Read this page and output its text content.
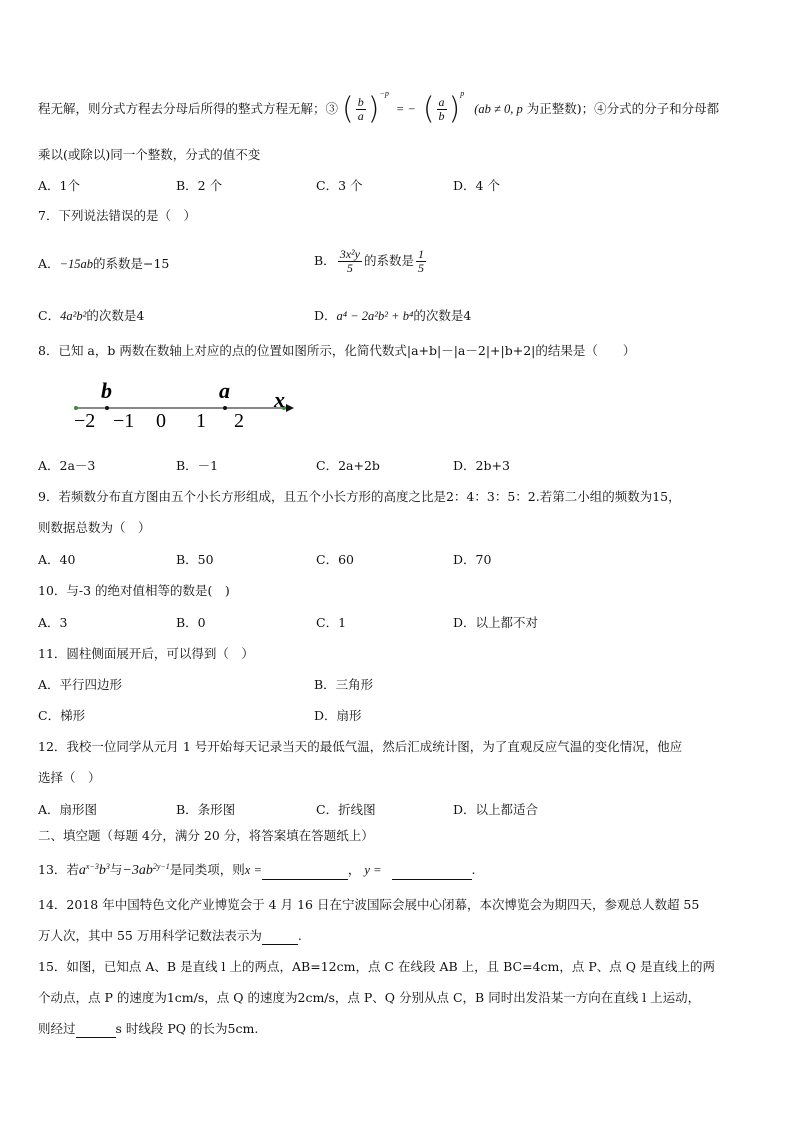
程无解，则分式方程去分母后所得的整式方程无解；③ ( $\frac{b}{a} )^{-p}$ = − ( $\frac{a}{b} )^p$ (ab ≠ 0, p 为正整数)；④分式的分子和分母都
乘以(或除以)同一个整数，分式的值不变
A．1个	B．2 个	C．3 个	D．4 个
7．下列说法错误的是（　）
A．−15ab的系数是−15	B． $\frac{\text{3x²y}}{5}$ 的系数是 $\frac{1}{5}$
C．4a²b²的次数是4	D．a⁴ − 2a²b² + b⁴的次数是4
8．已知 a，b 两数在数轴上对应的点的位置如图所示，化简代数式|a+b|－|a－2|+|b+2|的结果是（　　）
b	a x
−2 −1 0 1 2
A．2a－3	B．－1	C．2a+2b	D．2b+3
9．若频数分布直方图由五个小长方形组成，且五个小长方形的高度之比是2：4：3：5：2.若第二小组的频数为15，
则数据总数为（　）
A．40	B．50	C．60	D．70
10．与-3 的绝对值相等的数是(　)
A．3	B．0	C．1	D．以上都不对
11．圆柱侧面展开后，可以得到（　）
A．平行四边形	B．三角形
C．梯形	D．扇形
12．我校一位同学从元月 1 号开始每天记录当天的最低气温，然后汇成统计图，为了直观反应气温的变化情况，他应
选择（　）
A．扇形图	B．条形图	C．折线图	D．以上都适合
二、填空题（每题 4分，满分 20 分，将答案填在答题纸上）
13．若$a^{x-3}b^3$与$-3ab^{2y-1}$是同类项，则x =	， y =	.
14．2018 年中国特色文化产业博览会于 4 月 16 日在宁波国际会展中心闭幕，本次博览会为期四天，参观总人数超 55
万人次，其中 55 万用科学记数法表示为	.
15．如图，已知点 A、B 是直线 l 上的两点，AB=12cm，点 C 在线段 AB 上，且 BC=4cm，点 P、点 Q 是直线上的两
个动点，点 P 的速度为1cm/s，点 Q 的速度为2cm/s，点 P、Q 分别从点 C，B 同时出发沿某一方向在直线 l 上运动，
则经过	s 时线段 PQ 的长为5cm.
